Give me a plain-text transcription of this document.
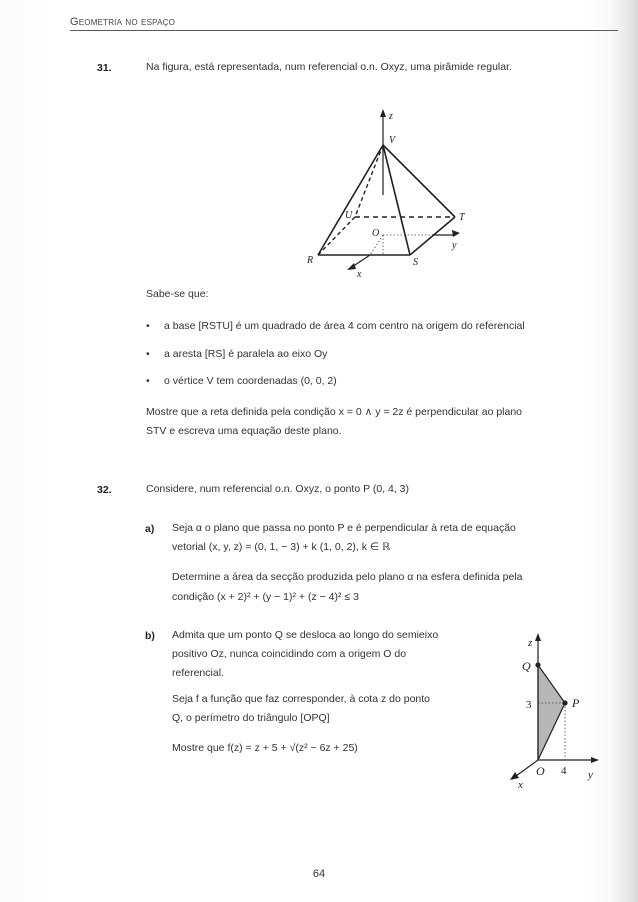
Geometria no espaço
31.	Na figura, está representada, num referencial o.n. Oxyz, uma pirâmide regular.
z
y
x
V
U	T
O
R	S
Sabe-se que:
• a base [RSTU] é um quadrado de área 4 com centro na origem do referencial
• a aresta [RS] é paralela ao eixo Oy
• o vértice V tem coordenadas (0, 0, 2)
Mostre que a reta definida pela condição x = 0 ∧ y = 2z é perpendicular ao plano
STV e escreva uma equação deste plano.
32.	Considere, num referencial o.n. Oxyz, o ponto P (0, 4, 3)
a) Seja α o plano que passa no ponto P e é perpendicular à reta de equação
vetorial (x, y, z) = (0, 1, − 3) + k (1, 0, 2), k ∈ ℝ
Determine a área da secção produzida pelo plano α na esfera definida pela
condição (x + 2)² + (y − 1)² + (z − 4)² ≤ 3
b) Admita que um ponto Q se desloca ao longo do semieixo
positivo Oz, nunca coincidindo com a origem O do
referencial.
Seja f a função que faz corresponder, à cota z do ponto
Q, o perímetro do triângulo [OPQ]
Mostre que f(z) = z + 5 + √(z² − 6z + 25)
z
y
x
Q
3	P
O 4
64
